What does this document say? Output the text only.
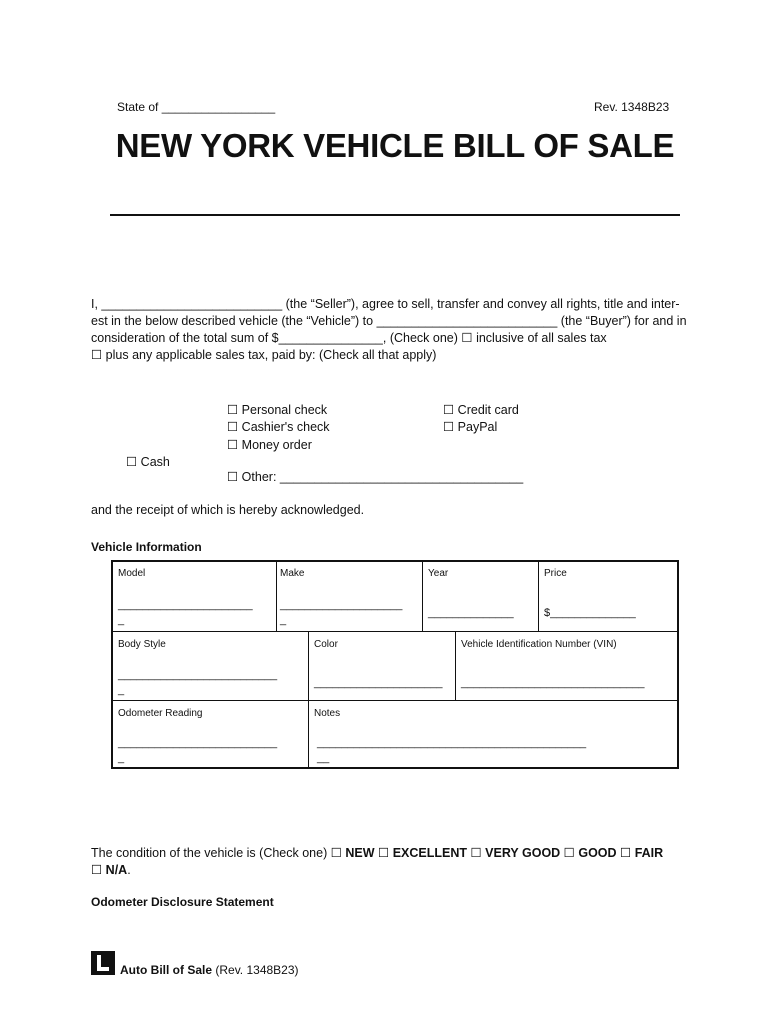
State of _________________	Rev. 1348B23
NEW YORK VEHICLE BILL OF SALE
I, __________________________ (the “Seller”), agree to sell, transfer and convey all rights, title and inter-
est in the below described vehicle (the “Vehicle”) to __________________________ (the “Buyer”) for and in
consideration of the total sum of $_______________, (Check one) ☐ inclusive of all sales tax
☐ plus any applicable sales tax, paid by: (Check all that apply)
☐ Personal check
☐ Cashier's check
☐ Money order
☐ Credit card
☐ PayPal
☐ Cash
☐ Other: ___________________________________
and the receipt of which is hereby acknowledged.
Vehicle Information
Model
______________________
_
Make
____________________
_
Year
______________
Price
$______________
Body Style
__________________________
_
Color
_____________________
Vehicle Identification Number (VIN)
______________________________
Odometer Reading
__________________________
_
Notes
____________________________________________
__
The condition of the vehicle is (Check one) ☐ NEW ☐ EXCELLENT ☐ VERY GOOD ☐ GOOD ☐ FAIR
☐ N/A.
Odometer Disclosure Statement
Auto Bill of Sale (Rev. 1348B23)
